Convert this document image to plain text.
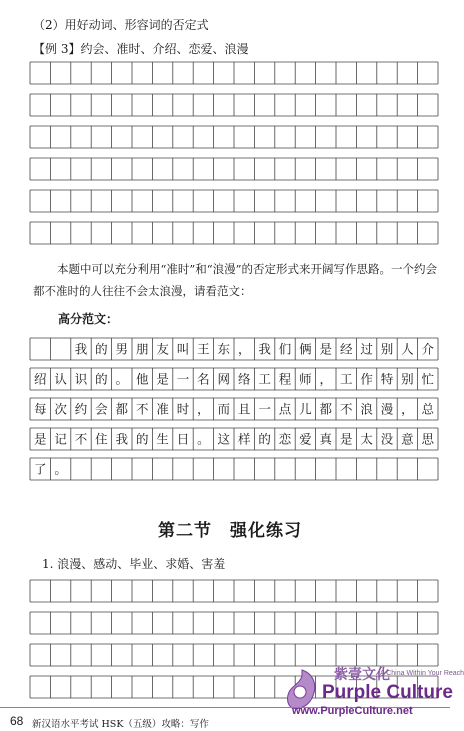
（2）用好动词、形容词的否定式
【例 3】约会、准时、介绍、恋爱、浪漫
本题中可以充分利用“准时”和“浪漫”的否定形式来开阔写作思路。一个约会都不准时的人往往不会太浪漫，请看范文：
高分范文：
我 的 男 朋 友 叫 王 东 ， 我 们 俩 是 经 过 别 人 介
绍 认 识 的 。 他 是 一 名 网 络 工 程 师 ， 工 作 特 别 忙
每 次 约 会 都 不 准 时 ， 而 且 一 点 儿 都 不 浪 漫 ， 总
是 记 不 住 我 的 生 日 。 这 样 的 恋 爱 真 是 太 没 意 思
了 。
第二节　强化练习
1. 浪漫、感动、毕业、求婚、害羞
紫壹文化
A China Within Your Reach
Purple Culture
www.PurpleCulture.net
68 新汉语水平考试 HSK（五级）攻略：写作
